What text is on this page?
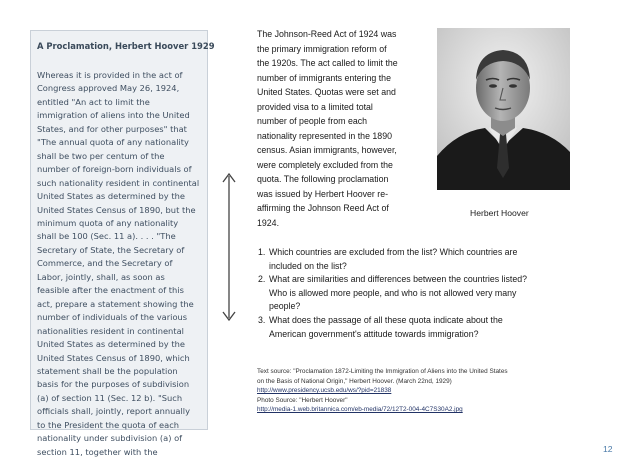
A Proclamation, Herbert Hoover 1929
Whereas it is provided in the act of
Congress approved May 26, 1924,
entitled "An act to limit the
immigration of aliens into the United
States, and for other purposes" that
"The annual quota of any nationality
shall be two per centum of the
number of foreign-born individuals of
such nationality resident in continental
United States as determined by the
United States Census of 1890, but the
minimum quota of any nationality
shall be 100 (Sec. 11 a). . . . "The
Secretary of State, the Secretary of
Commerce, and the Secretary of
Labor, jointly, shall, as soon as
feasible after the enactment of this
act, prepare a statement showing the
number of individuals of the various
nationalities resident in continental
United States as determined by the
United States Census of 1890, which
statement shall be the population
basis for the purposes of subdivision
(a) of section 11 (Sec. 12 b). "Such
officials shall, jointly, report annually
to the President the quota of each
nationality under subdivision (a) of
section 11, together with the
The Johnson-Reed Act of 1924 was
the primary immigration reform of
the 1920s. The act called to limit the
number of immigrants entering the
United States. Quotas were set and
provided visa to a limited total
number of people from each
nationality represented in the 1890
census. Asian immigrants, however,
were completely excluded from the
quota. The following proclamation
was issued by Herbert Hoover re-
affirming the Johnson Reed Act of
1924.
Herbert Hoover
1. Which countries are excluded from the list? Which countries are
included on the list?
2. What are similarities and differences between the countries listed?
Who is allowed more people, and who is not allowed very many
people?
3. What does the passage of all these quota indicate about the
American government's attitude towards immigration?
Text source: "Proclamation 1872-Limiting the Immigration of Aliens into the United States
on the Basis of National Origin," Herbert Hoover. (March 22nd, 1929)
http://www.presidency.ucsb.edu/ws/?pid=21838
Photo Source: "Herbert Hoover"
http://media-1.web.britannica.com/eb-media/72/12T2-004-4C7S30A2.jpg
12
